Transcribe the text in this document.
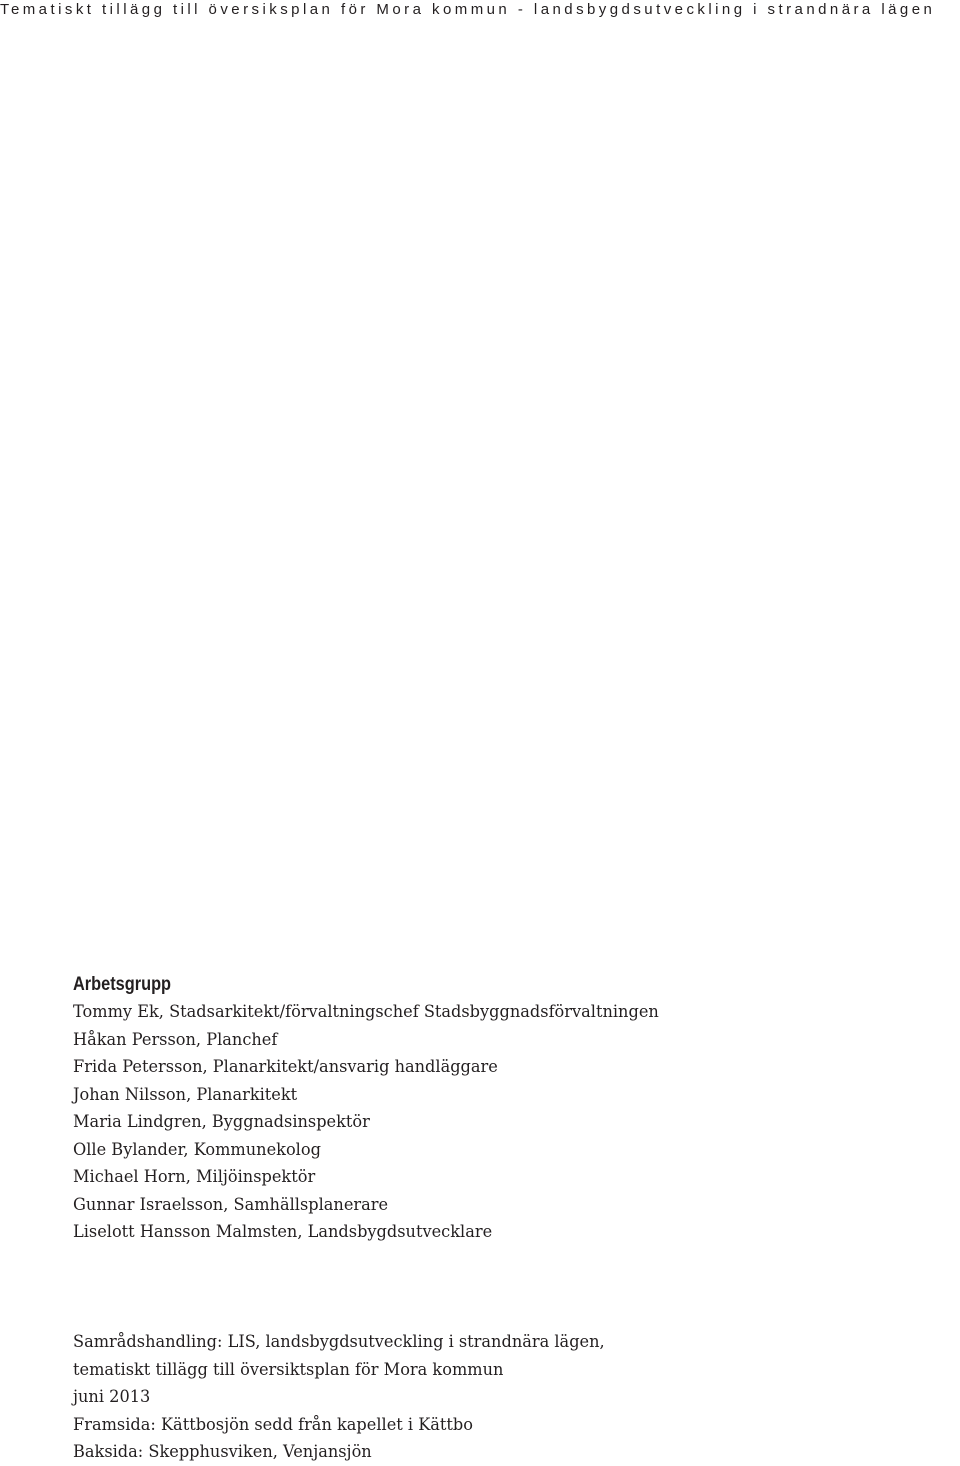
Tematiskt tillägg till översiksplan för Mora kommun - landsbygdsutveckling i strandnära lägen
Arbetsgrupp
Tommy Ek, Stadsarkitekt/förvaltningschef Stadsbyggnadsförvaltningen
Håkan Persson, Planchef
Frida Petersson, Planarkitekt/ansvarig handläggare
Johan Nilsson, Planarkitekt
Maria Lindgren, Byggnadsinspektör
Olle Bylander, Kommunekolog
Michael Horn, Miljöinspektör
Gunnar Israelsson, Samhällsplanerare
Liselott Hansson Malmsten, Landsbygdsutvecklare
Samrådshandling: LIS, landsbygdsutveckling i strandnära lägen,
tematiskt tillägg till översiktsplan för Mora kommun
juni 2013
Framsida: Kättbosjön sedd från kapellet i Kättbo
Baksida: Skepphusviken, Venjansjön
